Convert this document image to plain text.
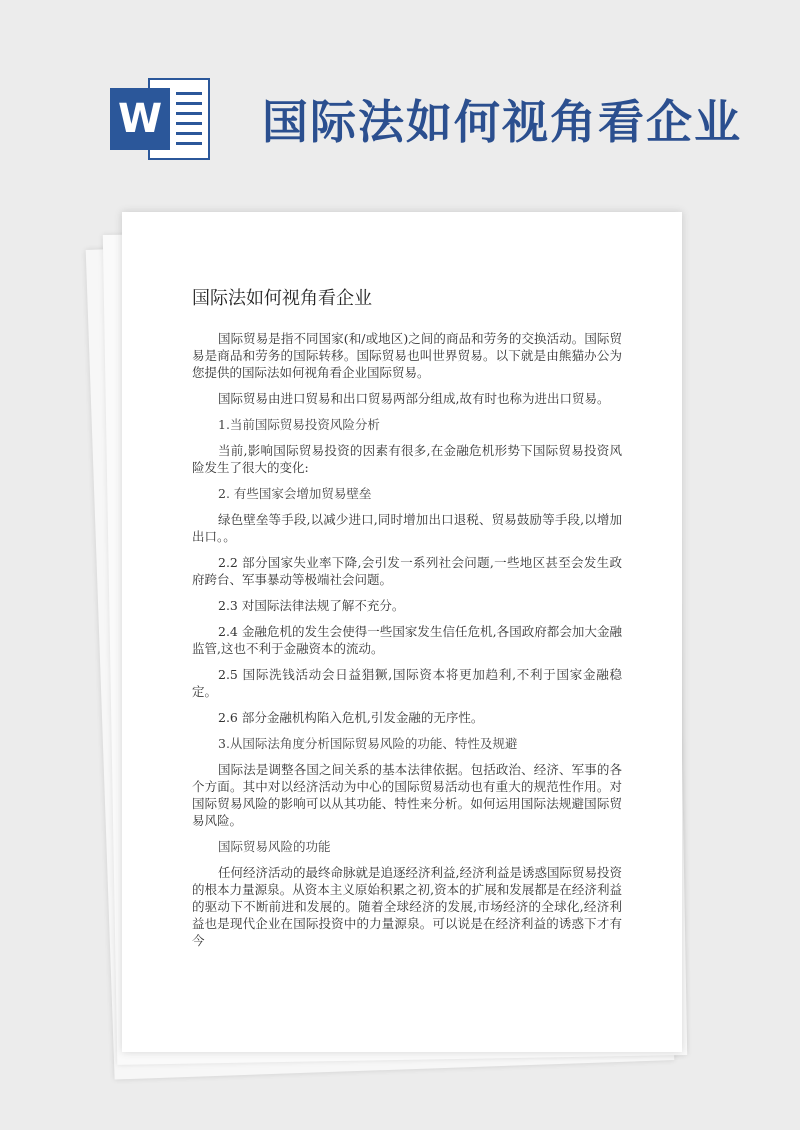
W 国际法如何视角看企业
国际法如何视角看企业

国际贸易是指不同国家(和/或地区)之间的商品和劳务的交换活动。国际贸易是商品和劳务的国际转移。国际贸易也叫世界贸易。以下就是由熊猫办公为您提供的国际法如何视角看企业国际贸易。

国际贸易由进口贸易和出口贸易两部分组成,故有时也称为进出口贸易。

1.当前国际贸易投资风险分析

当前,影响国际贸易投资的因素有很多,在金融危机形势下国际贸易投资风险发生了很大的变化:

2. 有些国家会增加贸易壁垒

绿色壁垒等手段,以减少进口,同时增加出口退税、贸易鼓励等手段,以增加出口。。

2.2 部分国家失业率下降,会引发一系列社会问题,一些地区甚至会发生政府跨台、军事暴动等极端社会问题。

2.3 对国际法律法规了解不充分。

2.4 金融危机的发生会使得一些国家发生信任危机,各国政府都会加大金融监管,这也不利于金融资本的流动。

2.5 国际洗钱活动会日益猖獗,国际资本将更加趋利,不利于国家金融稳定。

2.6 部分金融机构陷入危机,引发金融的无序性。

3.从国际法角度分析国际贸易风险的功能、特性及规避

国际法是调整各国之间关系的基本法律依据。包括政治、经济、军事的各个方面。其中对以经济活动为中心的国际贸易活动也有重大的规范性作用。对国际贸易风险的影响可以从其功能、特性来分析。如何运用国际法规避国际贸易风险。

国际贸易风险的功能

任何经济活动的最终命脉就是追逐经济利益,经济利益是诱惑国际贸易投资的根本力量源泉。从资本主义原始积累之初,资本的扩展和发展都是在经济利益的驱动下不断前进和发展的。随着全球经济的发展,市场经济的全球化,经济利益也是现代企业在国际投资中的力量源泉。可以说是在经济利益的诱惑下才有今
